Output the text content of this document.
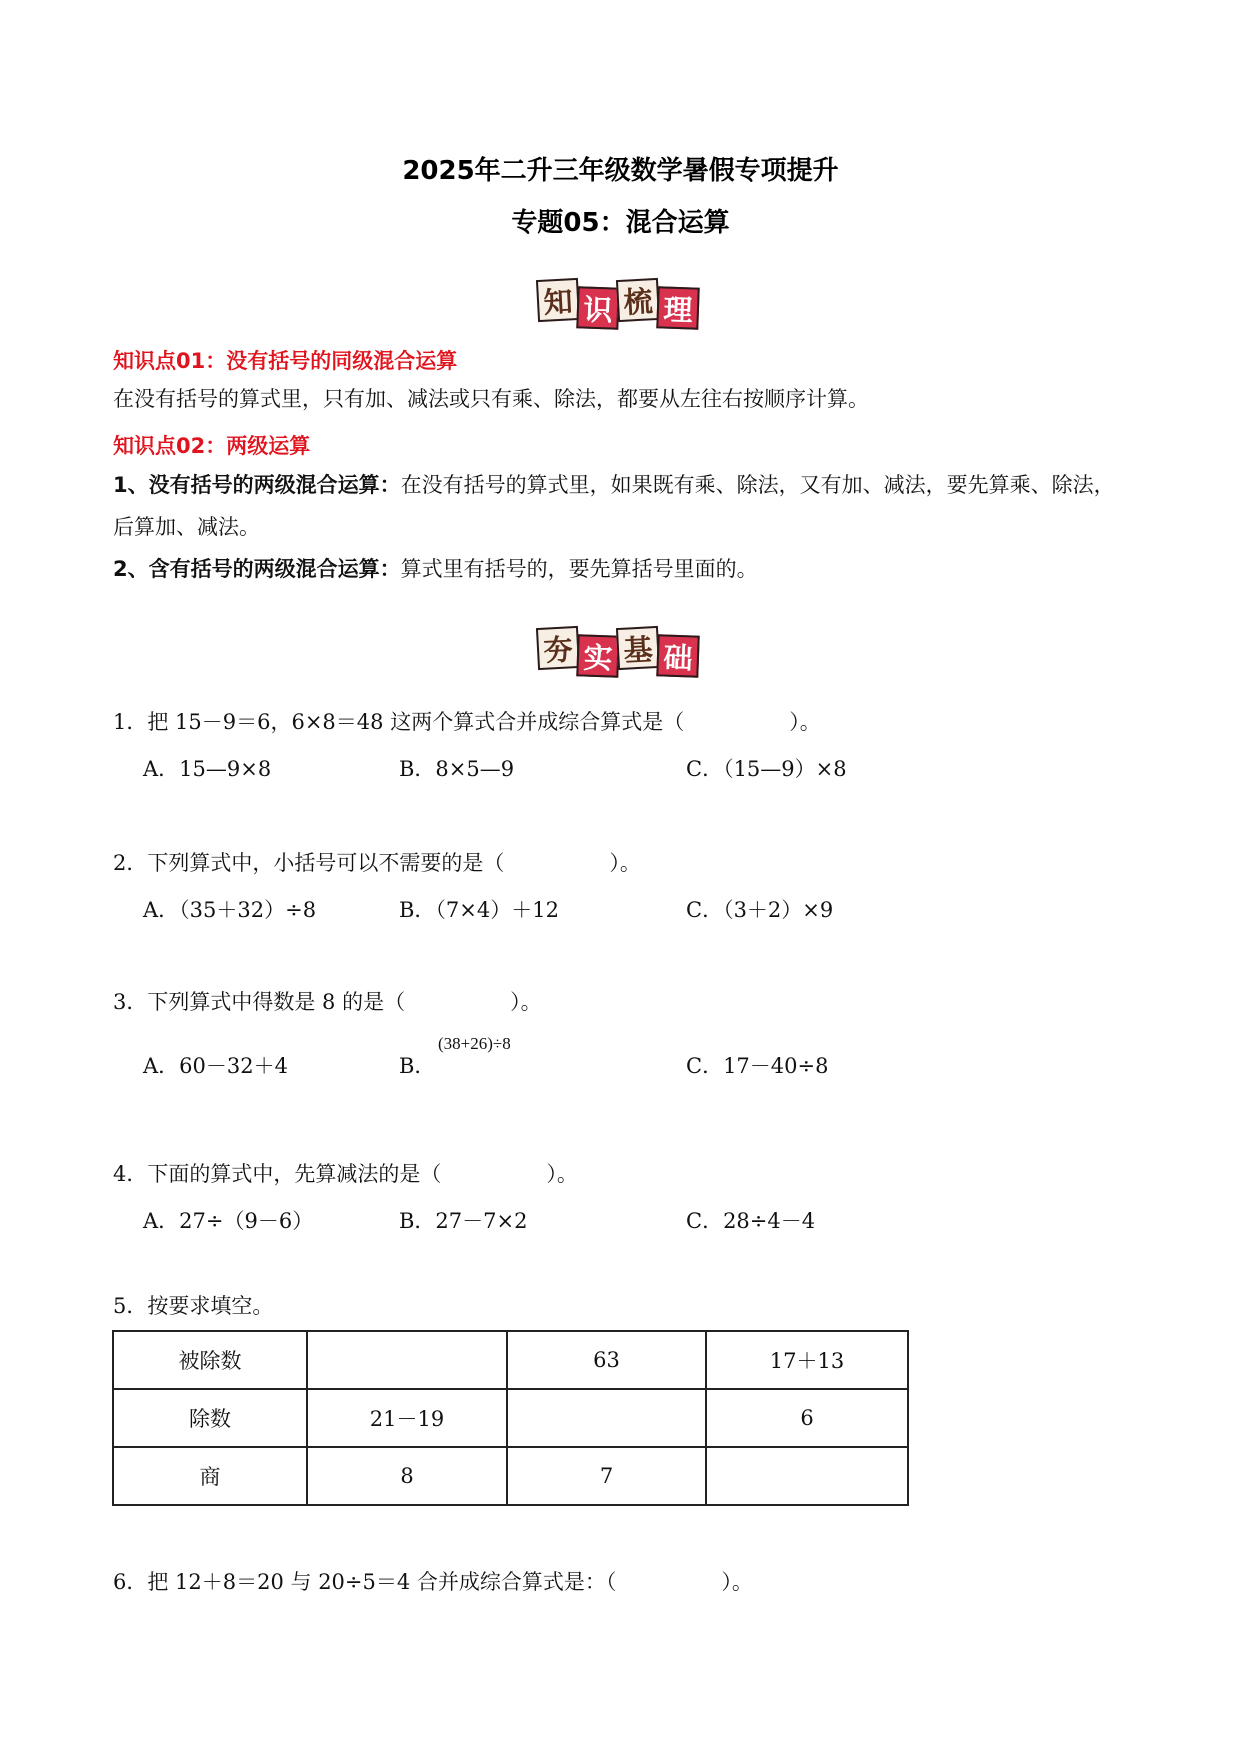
2025年二升三年级数学暑假专项提升
专题05：混合运算
知 识 梳 理
知识点01：没有括号的同级混合运算
在没有括号的算式里，只有加、减法或只有乘、除法，都要从左往右按顺序计算。
知识点02：两级运算
1、没有括号的两级混合运算：在没有括号的算式里，如果既有乘、除法，又有加、减法，要先算乘、除法，后算加、减法。
2、含有括号的两级混合运算：算式里有括号的，要先算括号里面的。
夯 实 基 础
1．把 15－9＝6，6×8＝48 这两个算式合并成综合算式是（　　　　　）。
A．15—9×8	B．8×5—9	C．（15—9）×8
2．下列算式中，小括号可以不需要的是（　　　　　）。
A．（35＋32）÷8	B．（7×4）＋12	C．（3＋2）×9
3．下列算式中得数是 8 的是（　　　　　）。
A．60－32＋4	B．
(38+26)÷8
C．17－40÷8
4．下面的算式中，先算减法的是（　　　　　）。
A．27÷（9－6）	B．27－7×2	C．28÷4－4
5．按要求填空。
被除数		63	17＋13
除数	21－19		6
商	8	7	
6．把 12＋8＝20 与 20÷5＝4 合并成综合算式是：（　　　　　）。
